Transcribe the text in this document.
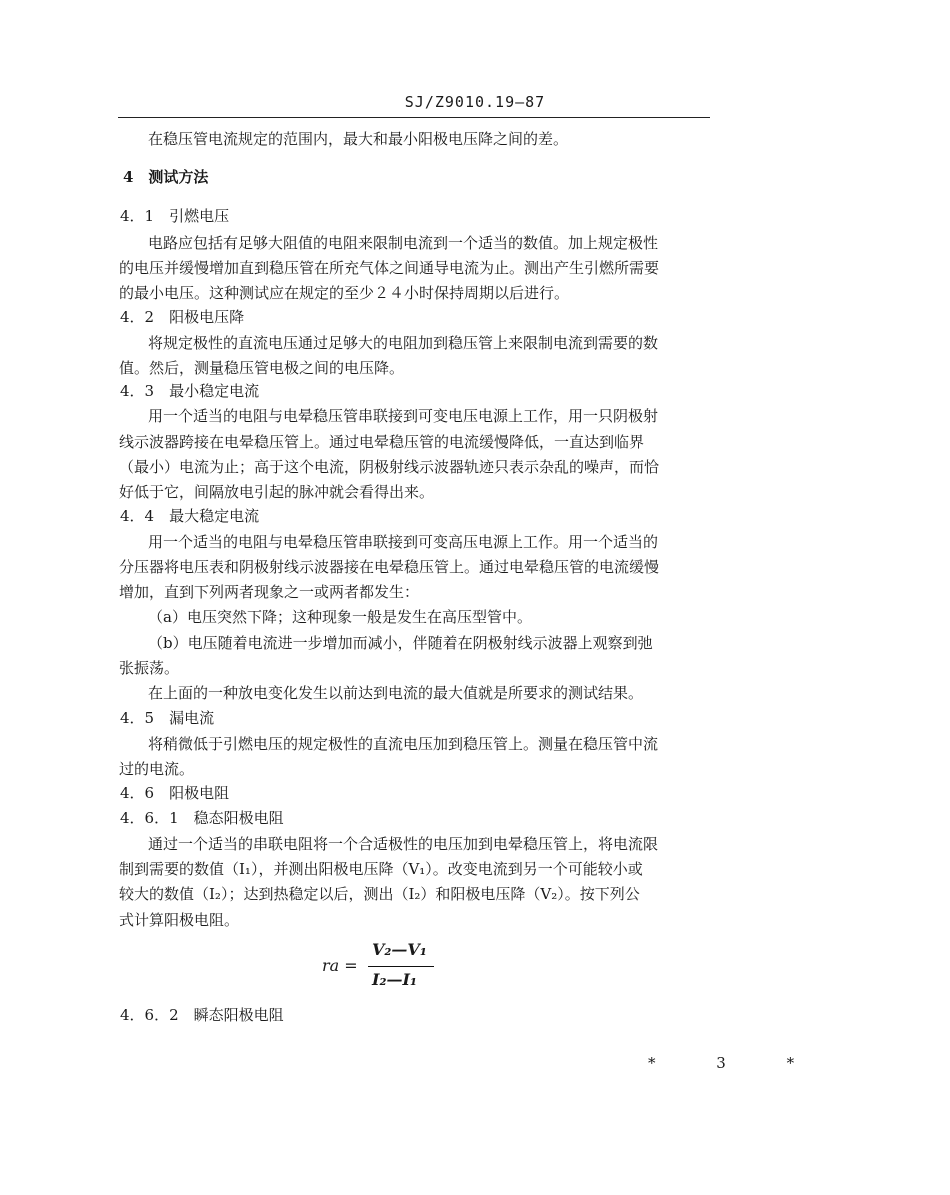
SJ/Z9010.19—87
在稳压管电流规定的范围内，最大和最小阳极电压降之间的差。
4　测试方法
4．1　引燃电压
电路应包括有足够大阻值的电阻来限制电流到一个适当的数值。加上规定极性
的电压并缓慢增加直到稳压管在所充气体之间通导电流为止。测出产生引燃所需要
的最小电压。这种测试应在规定的至少２４小时保持周期以后进行。
4．2　阳极电压降
将规定极性的直流电压通过足够大的电阻加到稳压管上来限制电流到需要的数
值。然后，测量稳压管电极之间的电压降。
4．3　最小稳定电流
用一个适当的电阻与电晕稳压管串联接到可变电压电源上工作，用一只阴极射
线示波器跨接在电晕稳压管上。通过电晕稳压管的电流缓慢降低，一直达到临界
（最小）电流为止；高于这个电流，阴极射线示波器轨迹只表示杂乱的噪声，而恰
好低于它，间隔放电引起的脉冲就会看得出来。
4．4　最大稳定电流
用一个适当的电阻与电晕稳压管串联接到可变高压电源上工作。用一个适当的
分压器将电压表和阴极射线示波器接在电晕稳压管上。通过电晕稳压管的电流缓慢
增加，直到下列两者现象之一或两者都发生：
（a）电压突然下降；这种现象一般是发生在高压型管中。
（b）电压随着电流进一步增加而减小，伴随着在阴极射线示波器上观察到弛
张振荡。
在上面的一种放电变化发生以前达到电流的最大值就是所要求的测试结果。
4．5　漏电流
将稍微低于引燃电压的规定极性的直流电压加到稳压管上。测量在稳压管中流
过的电流。
4．6　阳极电阻
4．6．1　稳态阳极电阻
通过一个适当的串联电阻将一个合适极性的电压加到电晕稳压管上，将电流限
制到需要的数值（I₁），并测出阳极电压降（V₁）。改变电流到另一个可能较小或
较大的数值（I₂）；达到热稳定以后，测出（I₂）和阳极电压降（V₂）。按下列公
式计算阳极电阻。
ra =
V₂—V₁
I₂—I₁
4．6．2　瞬态阳极电阻
* 3 *
